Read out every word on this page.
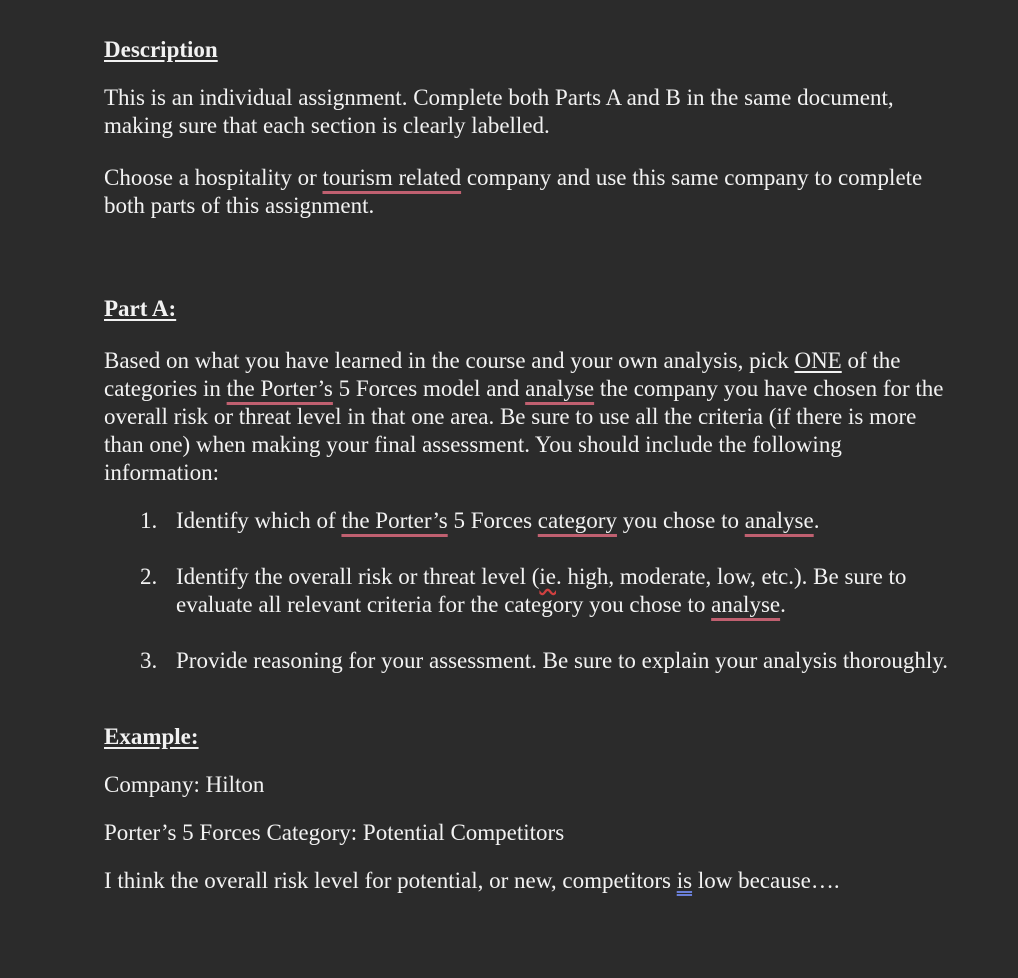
Description

This is an individual assignment. Complete both Parts A and B in the same document, making sure that each section is clearly labelled.

Choose a hospitality or tourism related company and use this same company to complete both parts of this assignment.

Part A:

Based on what you have learned in the course and your own analysis, pick ONE of the categories in the Porter’s 5 Forces model and analyse the company you have chosen for the overall risk or threat level in that one area. Be sure to use all the criteria (if there is more than one) when making your final assessment. You should include the following information:

1. Identify which of the Porter’s 5 Forces category you chose to analyse.
2. Identify the overall risk or threat level (ie. high, moderate, low, etc.). Be sure to evaluate all relevant criteria for the category you chose to analyse.
3. Provide reasoning for your assessment. Be sure to explain your analysis thoroughly.

Example:

Company: Hilton

Porter’s 5 Forces Category: Potential Competitors

I think the overall risk level for potential, or new, competitors is low because….
